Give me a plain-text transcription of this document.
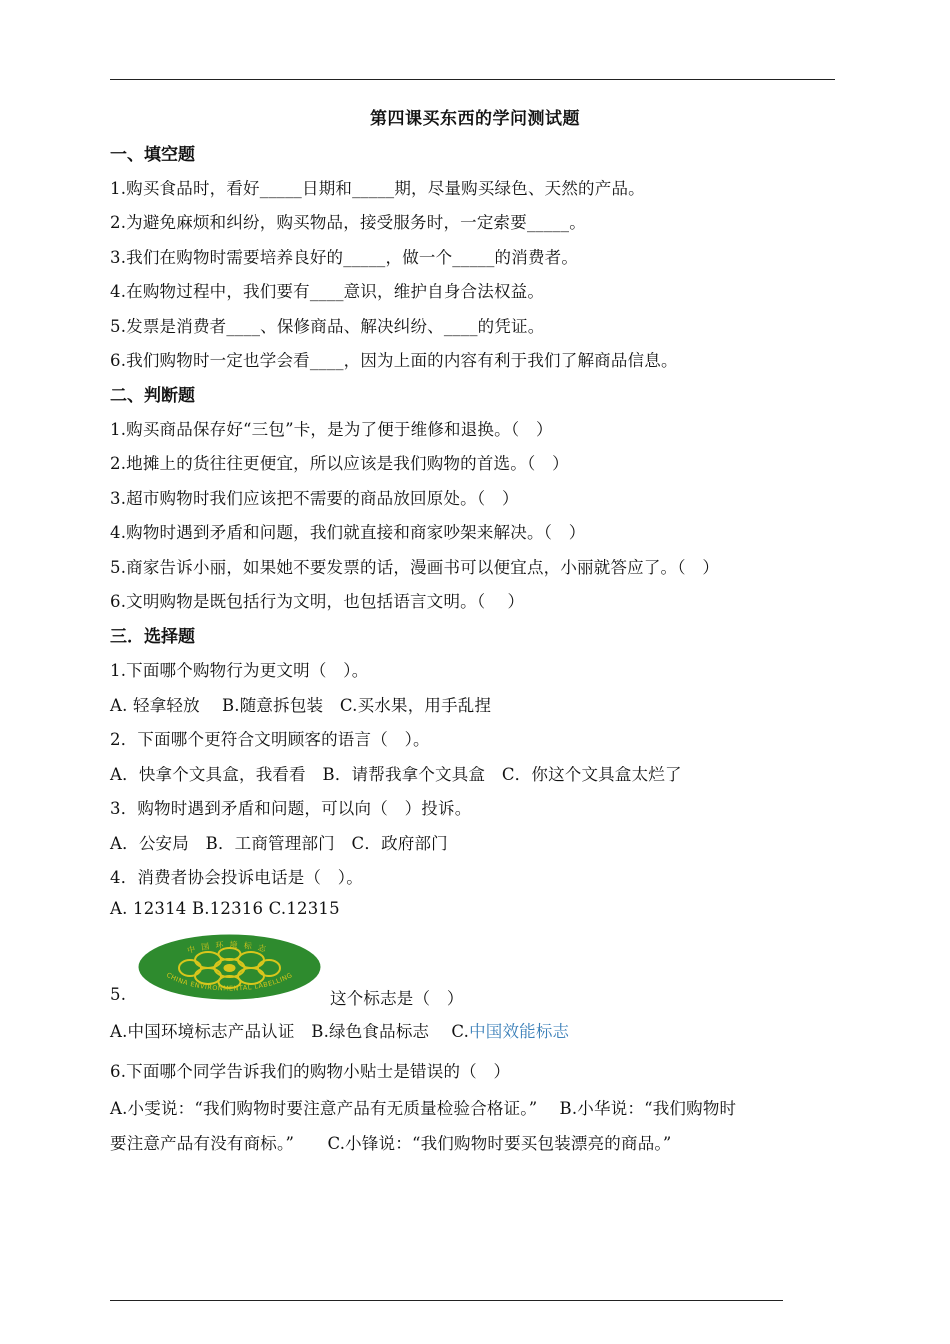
第四课买东西的学问测试题
一、填空题
1.购买食品时，看好_____日期和_____期，尽量购买绿色、天然的产品。
2.为避免麻烦和纠纷，购买物品，接受服务时，一定索要_____。
3.我们在购物时需要培养良好的_____，做一个_____的消费者。
4.在购物过程中，我们要有____意识，维护自身合法权益。
5.发票是消费者____、保修商品、解决纠纷、____的凭证。
6.我们购物时一定也学会看____，因为上面的内容有利于我们了解商品信息。
二、判断题
1.购买商品保存好“三包”卡，是为了便于维修和退换。（　）
2.地摊上的货往往更便宜，所以应该是我们购物的首选。（　）
3.超市购物时我们应该把不需要的商品放回原处。（　）
4.购物时遇到矛盾和问题，我们就直接和商家吵架来解决。（　）
5.商家告诉小丽，如果她不要发票的话，漫画书可以便宜点，小丽就答应了。（　）
6.文明购物是既包括行为文明，也包括语言文明。（　 ）
三．选择题
1.下面哪个购物行为更文明（　）。
A. 轻拿轻放　 B.随意拆包装　C.买水果，用手乱捏
2．下面哪个更符合文明顾客的语言（　）。
A．快拿个文具盒，我看看　B．请帮我拿个文具盒　C．你这个文具盒太烂了
3．购物时遇到矛盾和问题，可以向（　）投诉。
A．公安局　B．工商管理部门　C．政府部门
4．消费者协会投诉电话是（　）。
A. 12314 B.12316 C.12315
5.
中国环境标志
CHINA ENVIRONMENTAL LABELLING
这个标志是（　）
A.中国环境标志产品认证　B.绿色食品标志　 C.中国效能标志
6.下面哪个同学告诉我们的购物小贴士是错误的（　）
A.小雯说：“我们购物时要注意产品有无质量检验合格证。”　 B.小华说：“我们购物时
要注意产品有没有商标。”　　C.小锋说：“我们购物时要买包装漂亮的商品。”
